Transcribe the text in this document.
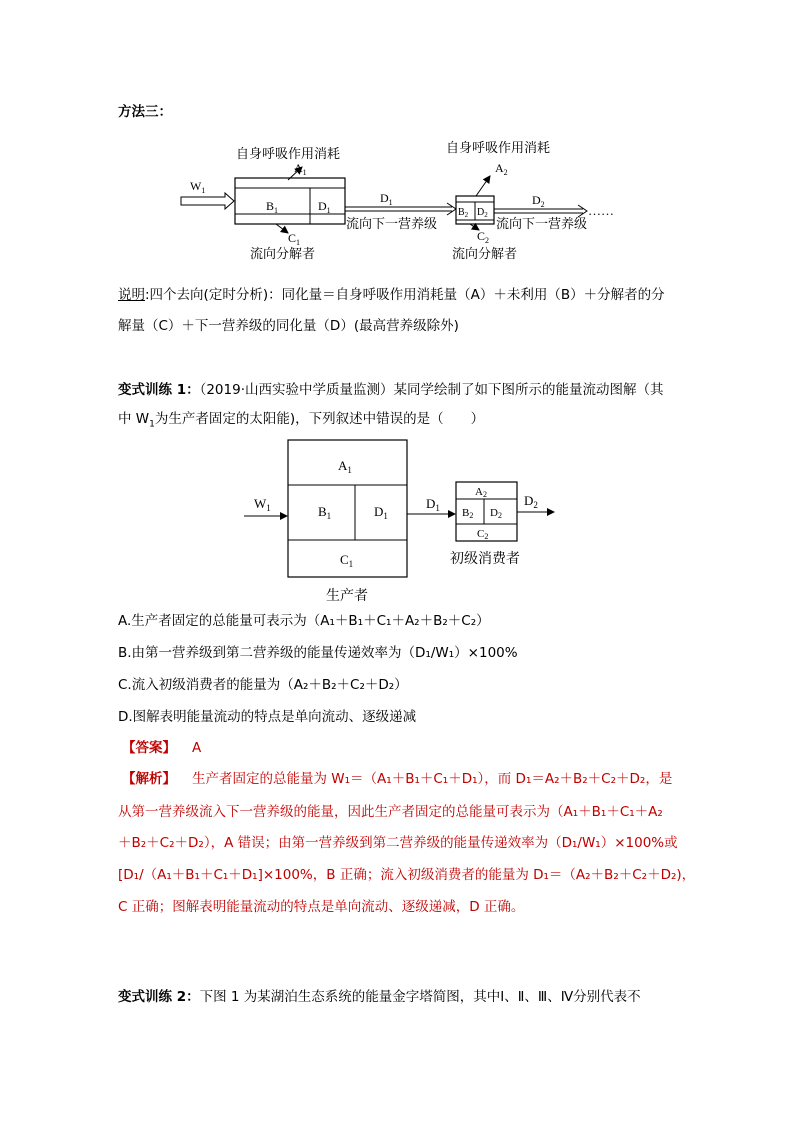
方法三：
自身呼吸作用消耗	自身呼吸作用消耗
$W_1$
$B_1$	$D_1$
$A_1$
$C_1$
流向分解者
$D_1$
流向下一营养级
$B_2$ $D_2$
$A_2$
$C_2$
流向分解者
$D_2$
流向下一营养级
……
说明:四个去向(定时分析)：同化量＝自身呼吸作用消耗量（A）＋未利用（B）＋分解者的分
解量（C）＋下一营养级的同化量（D）(最高营养级除外)
变式训练 1：（2019·山西实验中学质量监测）某同学绘制了如下图所示的能量流动图解（其
中 $W_1$为生产者固定的太阳能)，下列叙述中错误的是（　　）
$A_1$
$B_1$	$D_1$
$C_1$
生产者
$W_1$	$D_1$
A2
B2 D2
C2
初级消费者
$D_2$
A.生产者固定的总能量可表示为（A₁＋B₁＋C₁＋A₂＋B₂＋C₂）
B.由第一营养级到第二营养级的能量传递效率为（D₁/W₁）×100%
C.流入初级消费者的能量为（A₂＋B₂＋C₂＋D₂）
D.图解表明能量流动的特点是单向流动、逐级递减
【答案】 A
【解析】 生产者固定的总能量为 W₁＝（A₁＋B₁＋C₁＋D₁），而 D₁＝A₂＋B₂＋C₂＋D₂，是
从第一营养级流入下一营养级的能量，因此生产者固定的总能量可表示为（A₁＋B₁＋C₁＋A₂
＋B₂＋C₂＋D₂），A 错误；由第一营养级到第二营养级的能量传递效率为（D₁/W₁）×100%或
[D₁/（A₁＋B₁＋C₁＋D₁]×100%，B 正确；流入初级消费者的能量为 D₁＝（A₂＋B₂＋C₂＋D₂)，
C 正确；图解表明能量流动的特点是单向流动、逐级递减，D 正确。
变式训练 2：下图 1 为某湖泊生态系统的能量金字塔简图，其中Ⅰ、Ⅱ、Ⅲ、Ⅳ分别代表不
